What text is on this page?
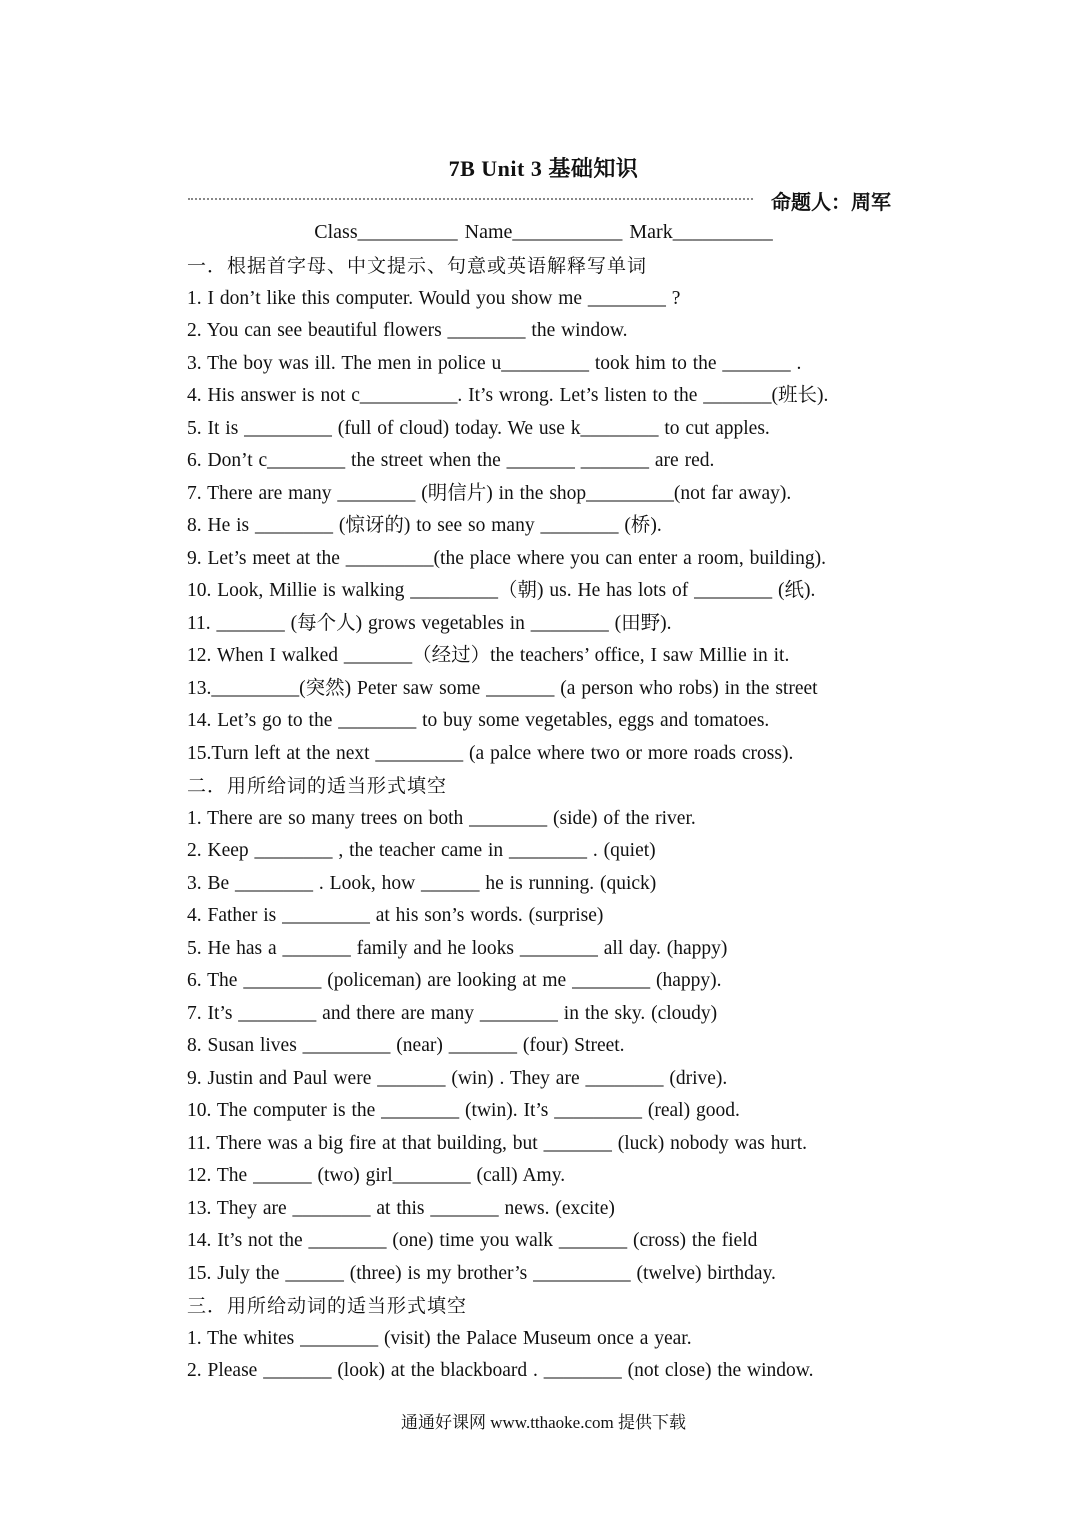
7B Unit 3 基础知识
命题人：周军
Class__________ Name___________ Mark__________
一．根据首字母、中文提示、句意或英语解释写单词
1. I don’t like this computer. Would you show me ________ ?
2. You can see beautiful flowers ________ the window.
3. The boy was ill. The men in police u_________ took him to the _______ .
4. His answer is not c__________. It’s wrong. Let’s listen to the _______(班长).
5. It is _________ (full of cloud) today. We use k________ to cut apples.
6. Don’t c________ the street when the _______ _______ are red.
7. There are many ________ (明信片) in the shop_________(not far away).
8. He is ________ (惊讶的) to see so many ________ (桥).
9. Let’s meet at the _________(the place where you can enter a room, building).
10. Look, Millie is walking _________（朝) us. He has lots of ________ (纸).
11. _______ (每个人) grows vegetables in ________ (田野).
12. When I walked _______（经过）the teachers’ office, I saw Millie in it.
13._________(突然) Peter saw some _______ (a person who robs) in the street
14. Let’s go to the ________ to buy some vegetables, eggs and tomatoes.
15.Turn left at the next _________ (a palce where two or more roads cross).
二．用所给词的适当形式填空
1. There are so many trees on both ________ (side) of the river.
2. Keep ________ , the teacher came in ________ . (quiet)
3. Be ________ . Look, how ______ he is running. (quick)
4. Father is _________ at his son’s words. (surprise)
5. He has a _______ family and he looks ________ all day. (happy)
6. The ________ (policeman) are looking at me ________ (happy).
7. It’s ________ and there are many ________ in the sky. (cloudy)
8. Susan lives _________ (near) _______ (four) Street.
9. Justin and Paul were _______ (win) . They are ________ (drive).
10. The computer is the ________ (twin). It’s _________ (real) good.
11. There was a big fire at that building, but _______ (luck) nobody was hurt.
12. The ______ (two) girl________ (call) Amy.
13. They are ________ at this _______ news. (excite)
14. It’s not the ________ (one) time you walk _______ (cross) the field
15. July the ______ (three) is my brother’s __________ (twelve) birthday.
三．用所给动词的适当形式填空
1. The whites ________ (visit) the Palace Museum once a year.
2. Please _______ (look) at the blackboard . ________ (not close) the window.
通通好课网 www.tthaoke.com 提供下载
